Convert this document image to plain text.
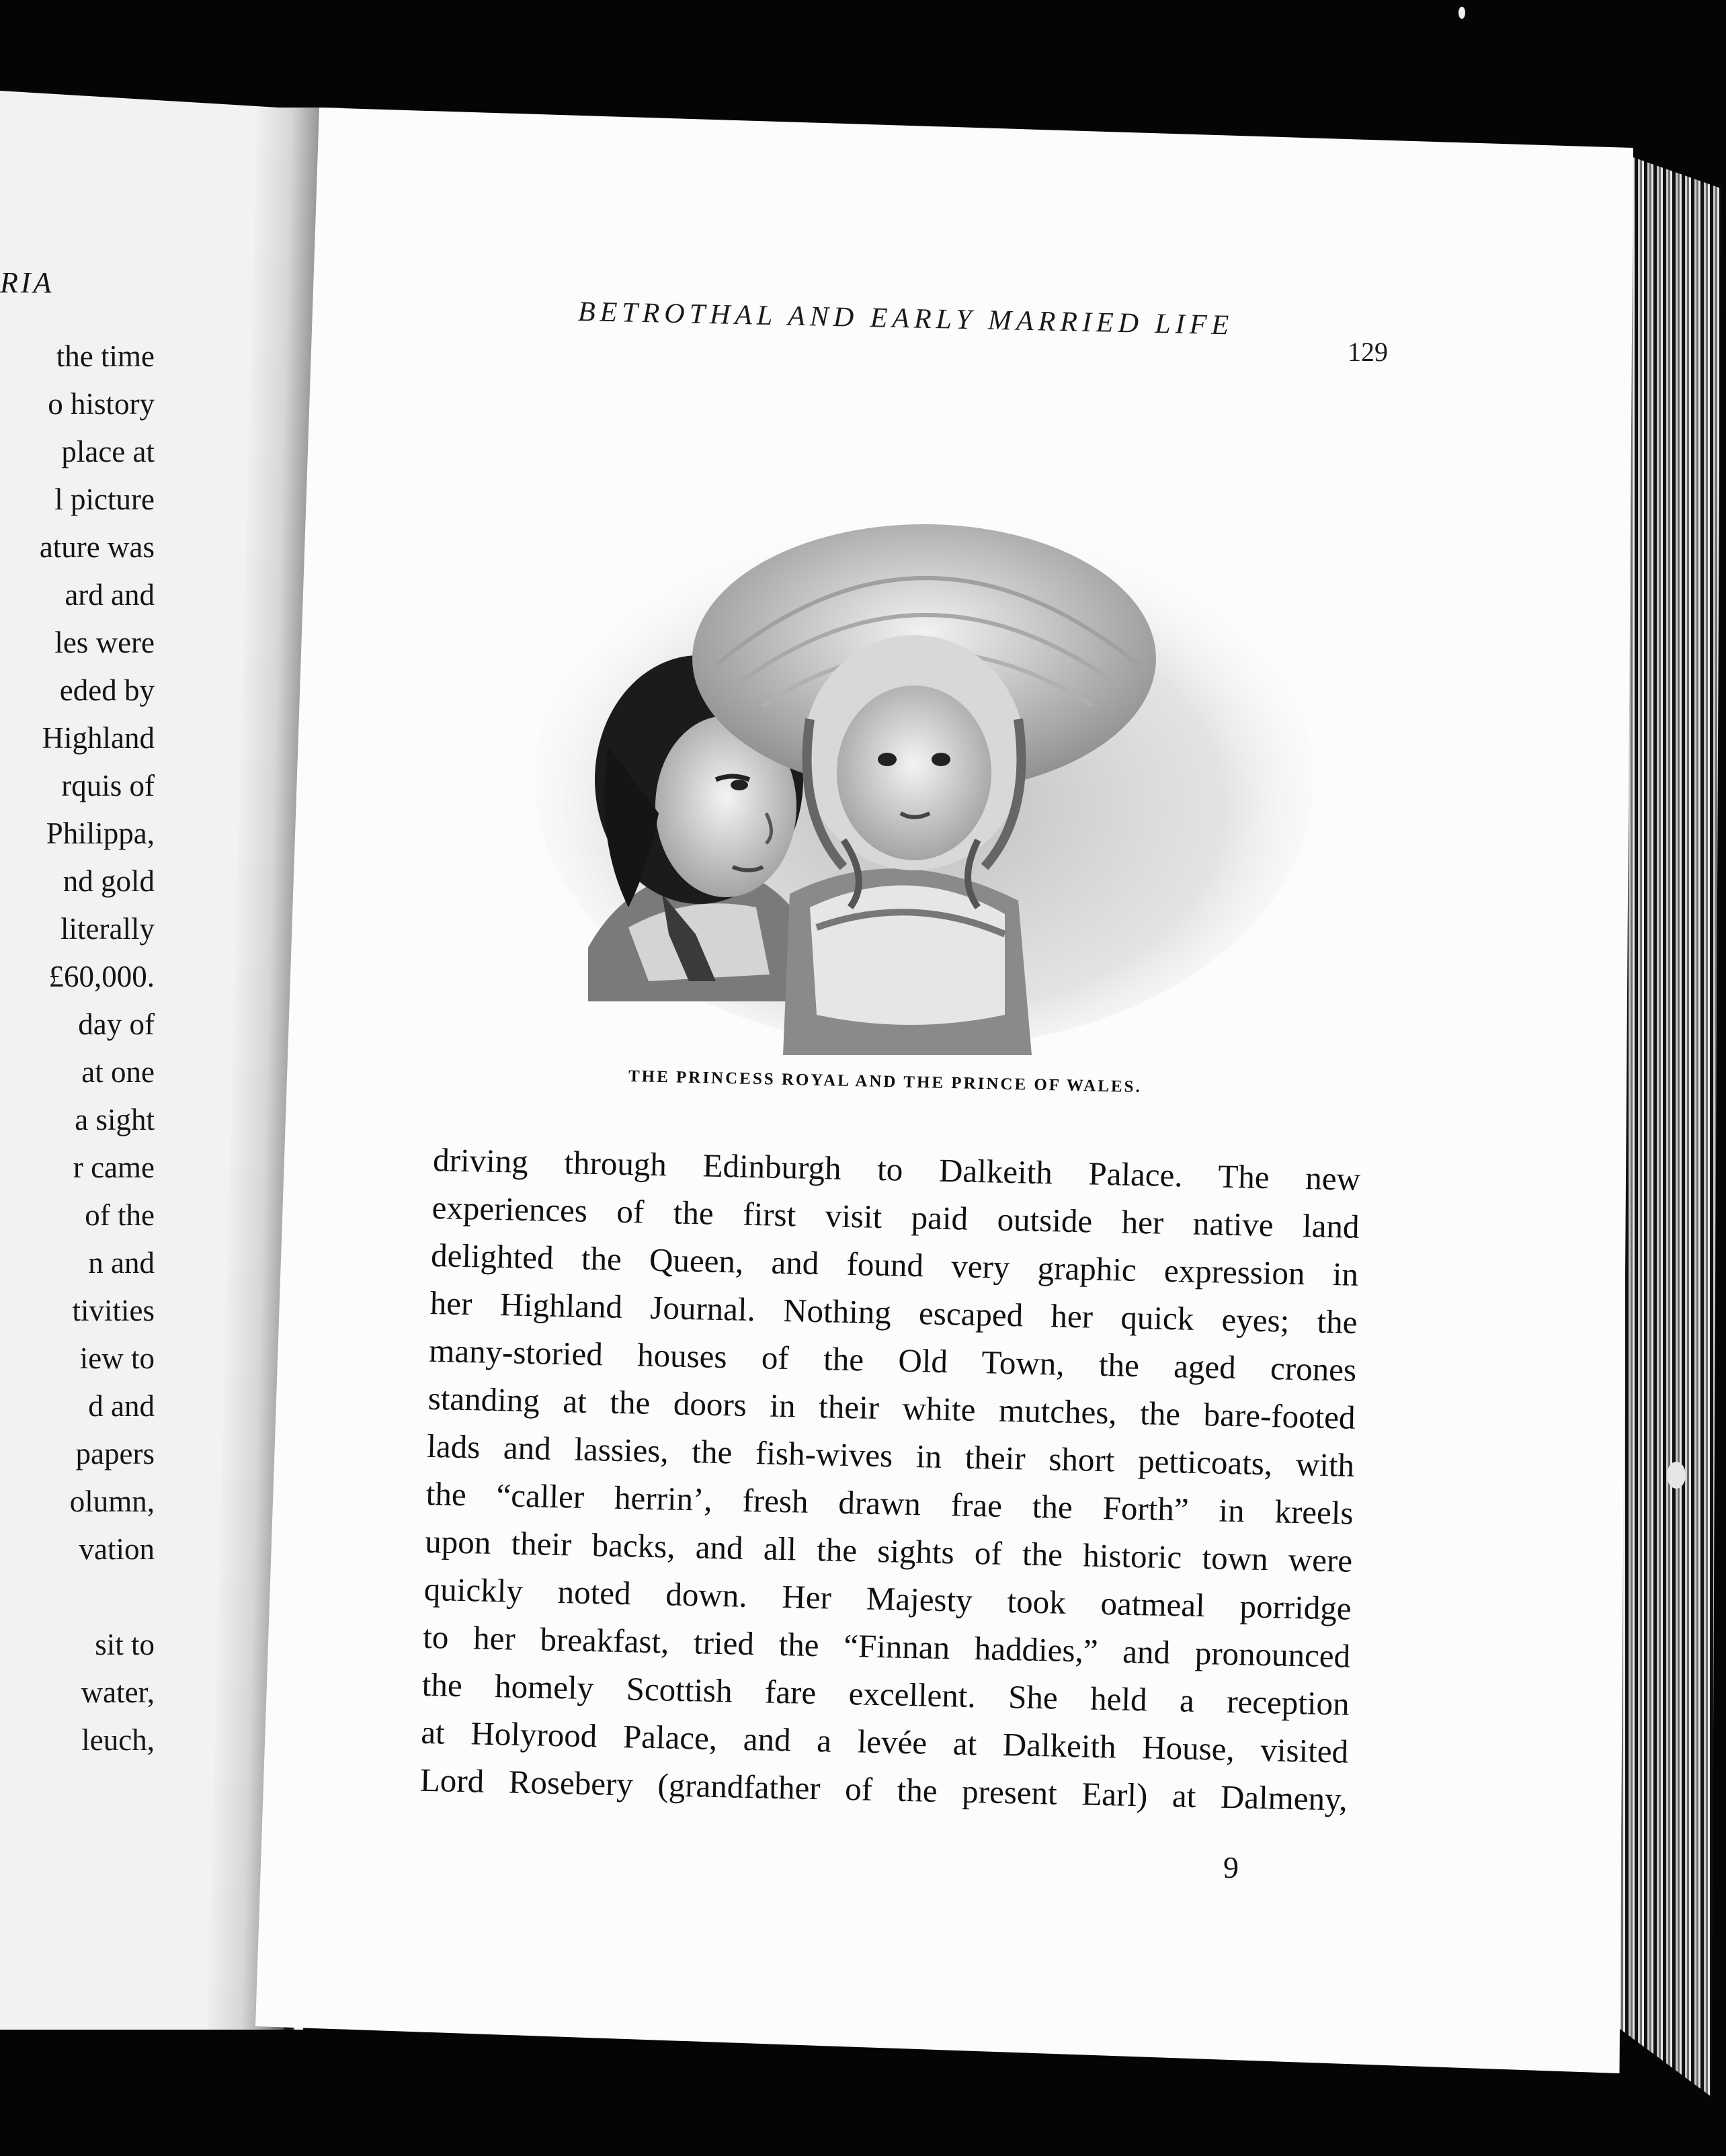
RIA
the time
o history
place at
l picture
ature was
ard and
les were
eded by
Highland
rquis of
Philippa,
nd gold
literally
£60,000.
day of
at one
a sight
r came
of the
n and
tivities
iew to
d and
papers
olumn,
vation

sit to
water,
leuch,
BETROTHAL AND EARLY MARRIED LIFE
129
THE PRINCESS ROYAL AND THE PRINCE OF WALES.
driving through Edinburgh to Dalkeith Palace. The new
experiences of the first visit paid outside her native land
delighted the Queen, and found very graphic expression in
her Highland Journal. Nothing escaped her quick eyes; the
many-storied houses of the Old Town, the aged crones
standing at the doors in their white mutches, the bare-footed
lads and lassies, the fish-wives in their short petticoats, with
the “caller herrin’, fresh drawn frae the Forth” in kreels
upon their backs, and all the sights of the historic town were
quickly noted down. Her Majesty took oatmeal porridge
to her breakfast, tried the “Finnan haddies,” and pronounced
the homely Scottish fare excellent. She held a reception
at Holyrood Palace, and a levée at Dalkeith House, visited
Lord Rosebery (grandfather of the present Earl) at Dalmeny,
9
